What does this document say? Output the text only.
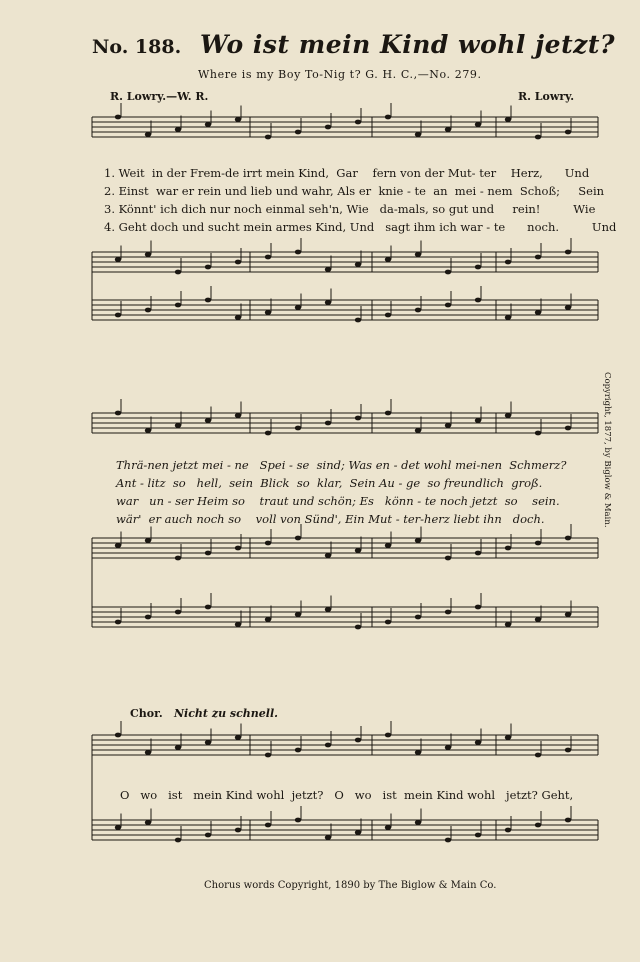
No. 188. Wo ist mein Kind wohl jetzt?
Where is my Boy To-Nig t? G. H. C.,—No. 279.
R. Lowry.—W. R.	R. Lowry.
1. Weit  in der Frem-de irrt mein Kind,  Gar    fern von der Mut- ter    Herz,      Und
2. Einst  war er rein und lieb und wahr, Als er  knie - te  an  mei - nem  Schoß;     Sein
3. Könnt' ich dich nur noch einmal seh'n, Wie   da-mals, so gut und     rein!         Wie
4. Geht doch und sucht mein armes Kind, Und   sagt ihm ich war - te      noch.         Und
Thrä-nen jetzt mei - ne   Spei - se  sind; Was en - det wohl mei-nen  Schmerz?
Ant - litz  so   hell,  sein  Blick  so  klar,  Sein Au - ge  so freundlich  groß.
war   un - ser Heim so    traut und schön; Es   könn - te noch jetzt  so    sein.
wär'  er auch noch so    voll von Sünd', Ein Mut - ter-herz liebt ihn   doch.
Chor. Nicht zu schnell.
O   wo   ist   mein Kind wohl  jetzt?   O   wo   ist  mein Kind wohl   jetzt? Geht,
Chorus words Copyright, 1890 by The Biglow & Main Co.
Copyright, 1877, by Biglow & Main.
